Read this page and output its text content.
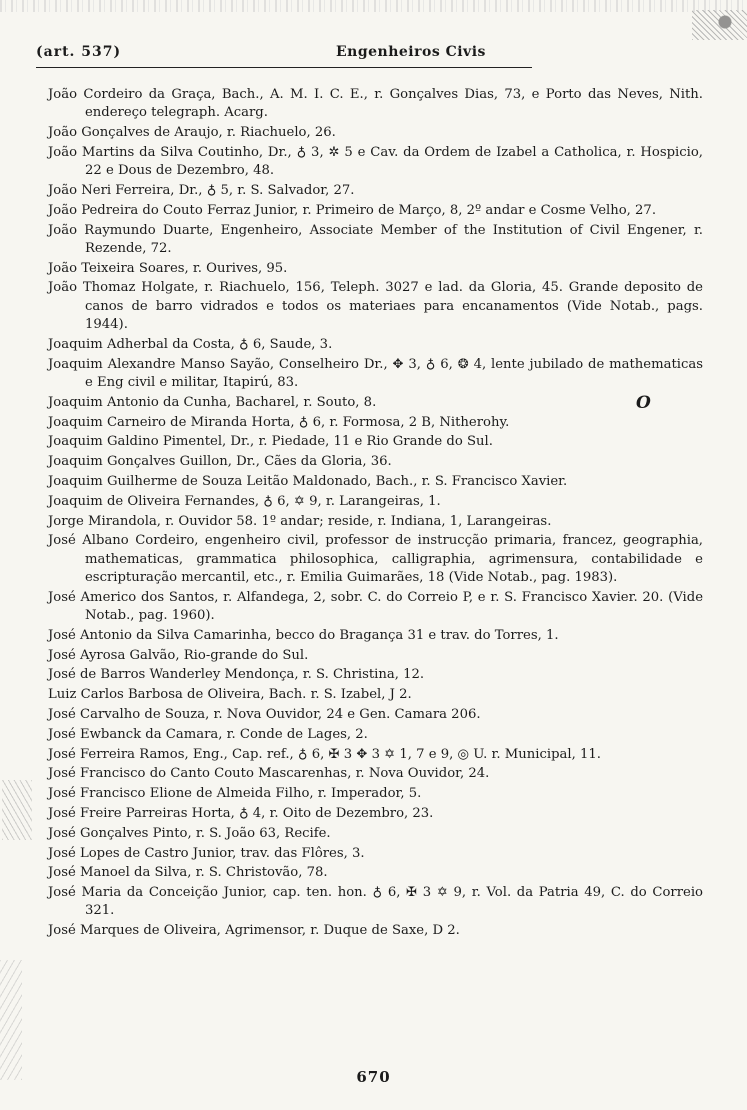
(art. 537)	Engenheiros Civis

João Cordeiro da Graça, Bach., A. M. I. C. E., r. Gonçalves Dias, 73, e Porto das Neves, Nith. endereço telegraph. Acarg.

João Gonçalves de Araujo, r. Riachuelo, 26.

João Martins da Silva Coutinho, Dr., ♁ 3, ✲ 5 e Cav. da Ordem de Izabel a Catholica, r. Hospicio, 22 e Dous de Dezembro, 48.

João Neri Ferreira, Dr., ♁ 5, r. S. Salvador, 27.

João Pedreira do Couto Ferraz Junior, r. Primeiro de Março, 8, 2º andar e Cosme Velho, 27.

João Raymundo Duarte, Engenheiro, Associate Member of the Institution of Civil Engener, r. Rezende, 72.

João Teixeira Soares, r. Ourives, 95.

João Thomaz Holgate, r. Riachuelo, 156, Teleph. 3027 e lad. da Gloria, 45. Grande deposito de canos de barro vidrados e todos os materiaes para encanamentos (Vide Notab., pags. 1944).

Joaquim Adherbal da Costa, ♁ 6, Saude, 3.

Joaquim Alexandre Manso Sayão, Conselheiro Dr., ✥ 3, ♁ 6, ❂ 4, lente jubilado de mathematicas e Eng civil e militar, Itapirú, 83.

Joaquim Antonio da Cunha, Bacharel, r. Souto, 8.

Joaquim Carneiro de Miranda Horta, ♁ 6, r. Formosa, 2 B, Nitherohy.

Joaquim Galdino Pimentel, Dr., r. Piedade, 11 e Rio Grande do Sul.

Joaquim Gonçalves Guillon, Dr., Cães da Gloria, 36.

Joaquim Guilherme de Souza Leitão Maldonado, Bach., r. S. Francisco Xavier.

Joaquim de Oliveira Fernandes, ♁ 6, ✡ 9, r. Larangeiras, 1.

Jorge Mirandola, r. Ouvidor 58. 1º andar; reside, r. Indiana, 1, Larangeiras.

José Albano Cordeiro, engenheiro civil, professor de instrucção primaria, francez, geographia, mathematicas, grammatica philosophica, calligraphia, agrimensura, contabilidade e escripturação mercantil, etc., r. Emilia Guimarães, 18 (Vide Notab., pag. 1983).

José Americo dos Santos, r. Alfandega, 2, sobr. C. do Correio P, e r. S. Francisco Xavier. 20. (Vide Notab., pag. 1960).

José Antonio da Silva Camarinha, becco do Bragança 31 e trav. do Torres, 1.

José Ayrosa Galvão, Rio-grande do Sul.

José de Barros Wanderley Mendonça, r. S. Christina, 12.

Luiz Carlos Barbosa de Oliveira, Bach. r. S. Izabel, J 2.

José Carvalho de Souza, r. Nova Ouvidor, 24 e Gen. Camara 206.

José Ewbanck da Camara, r. Conde de Lages, 2.

José Ferreira Ramos, Eng., Cap. ref., ♁ 6, ✠ 3 ✥ 3 ✡ 1, 7 e 9, ◎ U. r. Municipal, 11.

José Francisco do Canto Couto Mascarenhas, r. Nova Ouvidor, 24.

José Francisco Elione de Almeida Filho, r. Imperador, 5.

José Freire Parreiras Horta, ♁ 4, r. Oito de Dezembro, 23.

José Gonçalves Pinto, r. S. João 63, Recife.

José Lopes de Castro Junior, trav. das Flôres, 3.

José Manoel da Silva, r. S. Christovão, 78.

José Maria da Conceição Junior, cap. ten. hon. ♁ 6, ✠ 3 ✡ 9, r. Vol. da Patria 49, C. do Correio 321.

José Marques de Oliveira, Agrimensor, r. Duque de Saxe, D 2.

O
670
